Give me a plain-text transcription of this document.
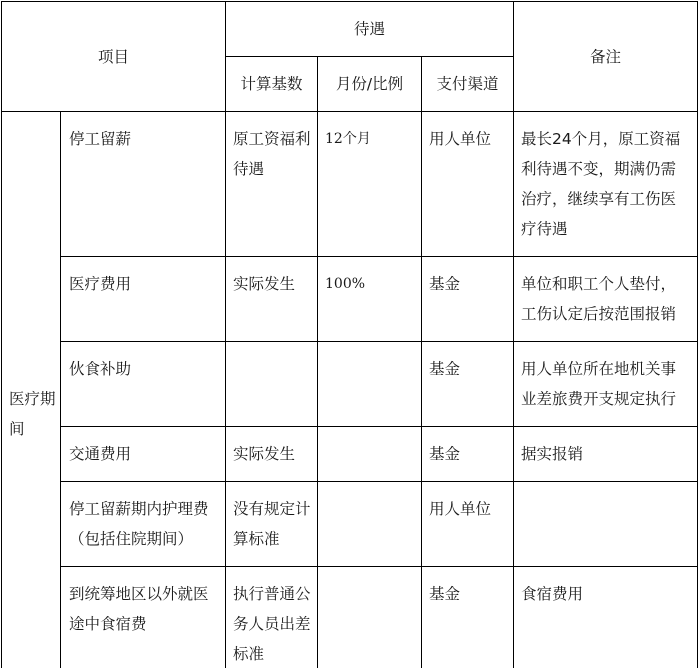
项目		待遇			备注
		计算基数	月份/比例	支付渠道	
医疗期间	停工留薪	原工资福利待遇	12个月	用人单位	最长24个月，原工资福利待遇不变，期满仍需治疗，继续享有工伤医疗待遇
	医疗费用	实际发生	100%	基金	单位和职工个人垫付，工伤认定后按范围报销
	伙食补助			基金	用人单位所在地机关事业差旅费开支规定执行
	交通费用	实际发生		基金	据实报销
	停工留薪期内护理费（包括住院期间）	没有规定计算标准		用人单位	
	到统筹地区以外就医途中食宿费	执行普通公务人员出差标准		基金	食宿费用
